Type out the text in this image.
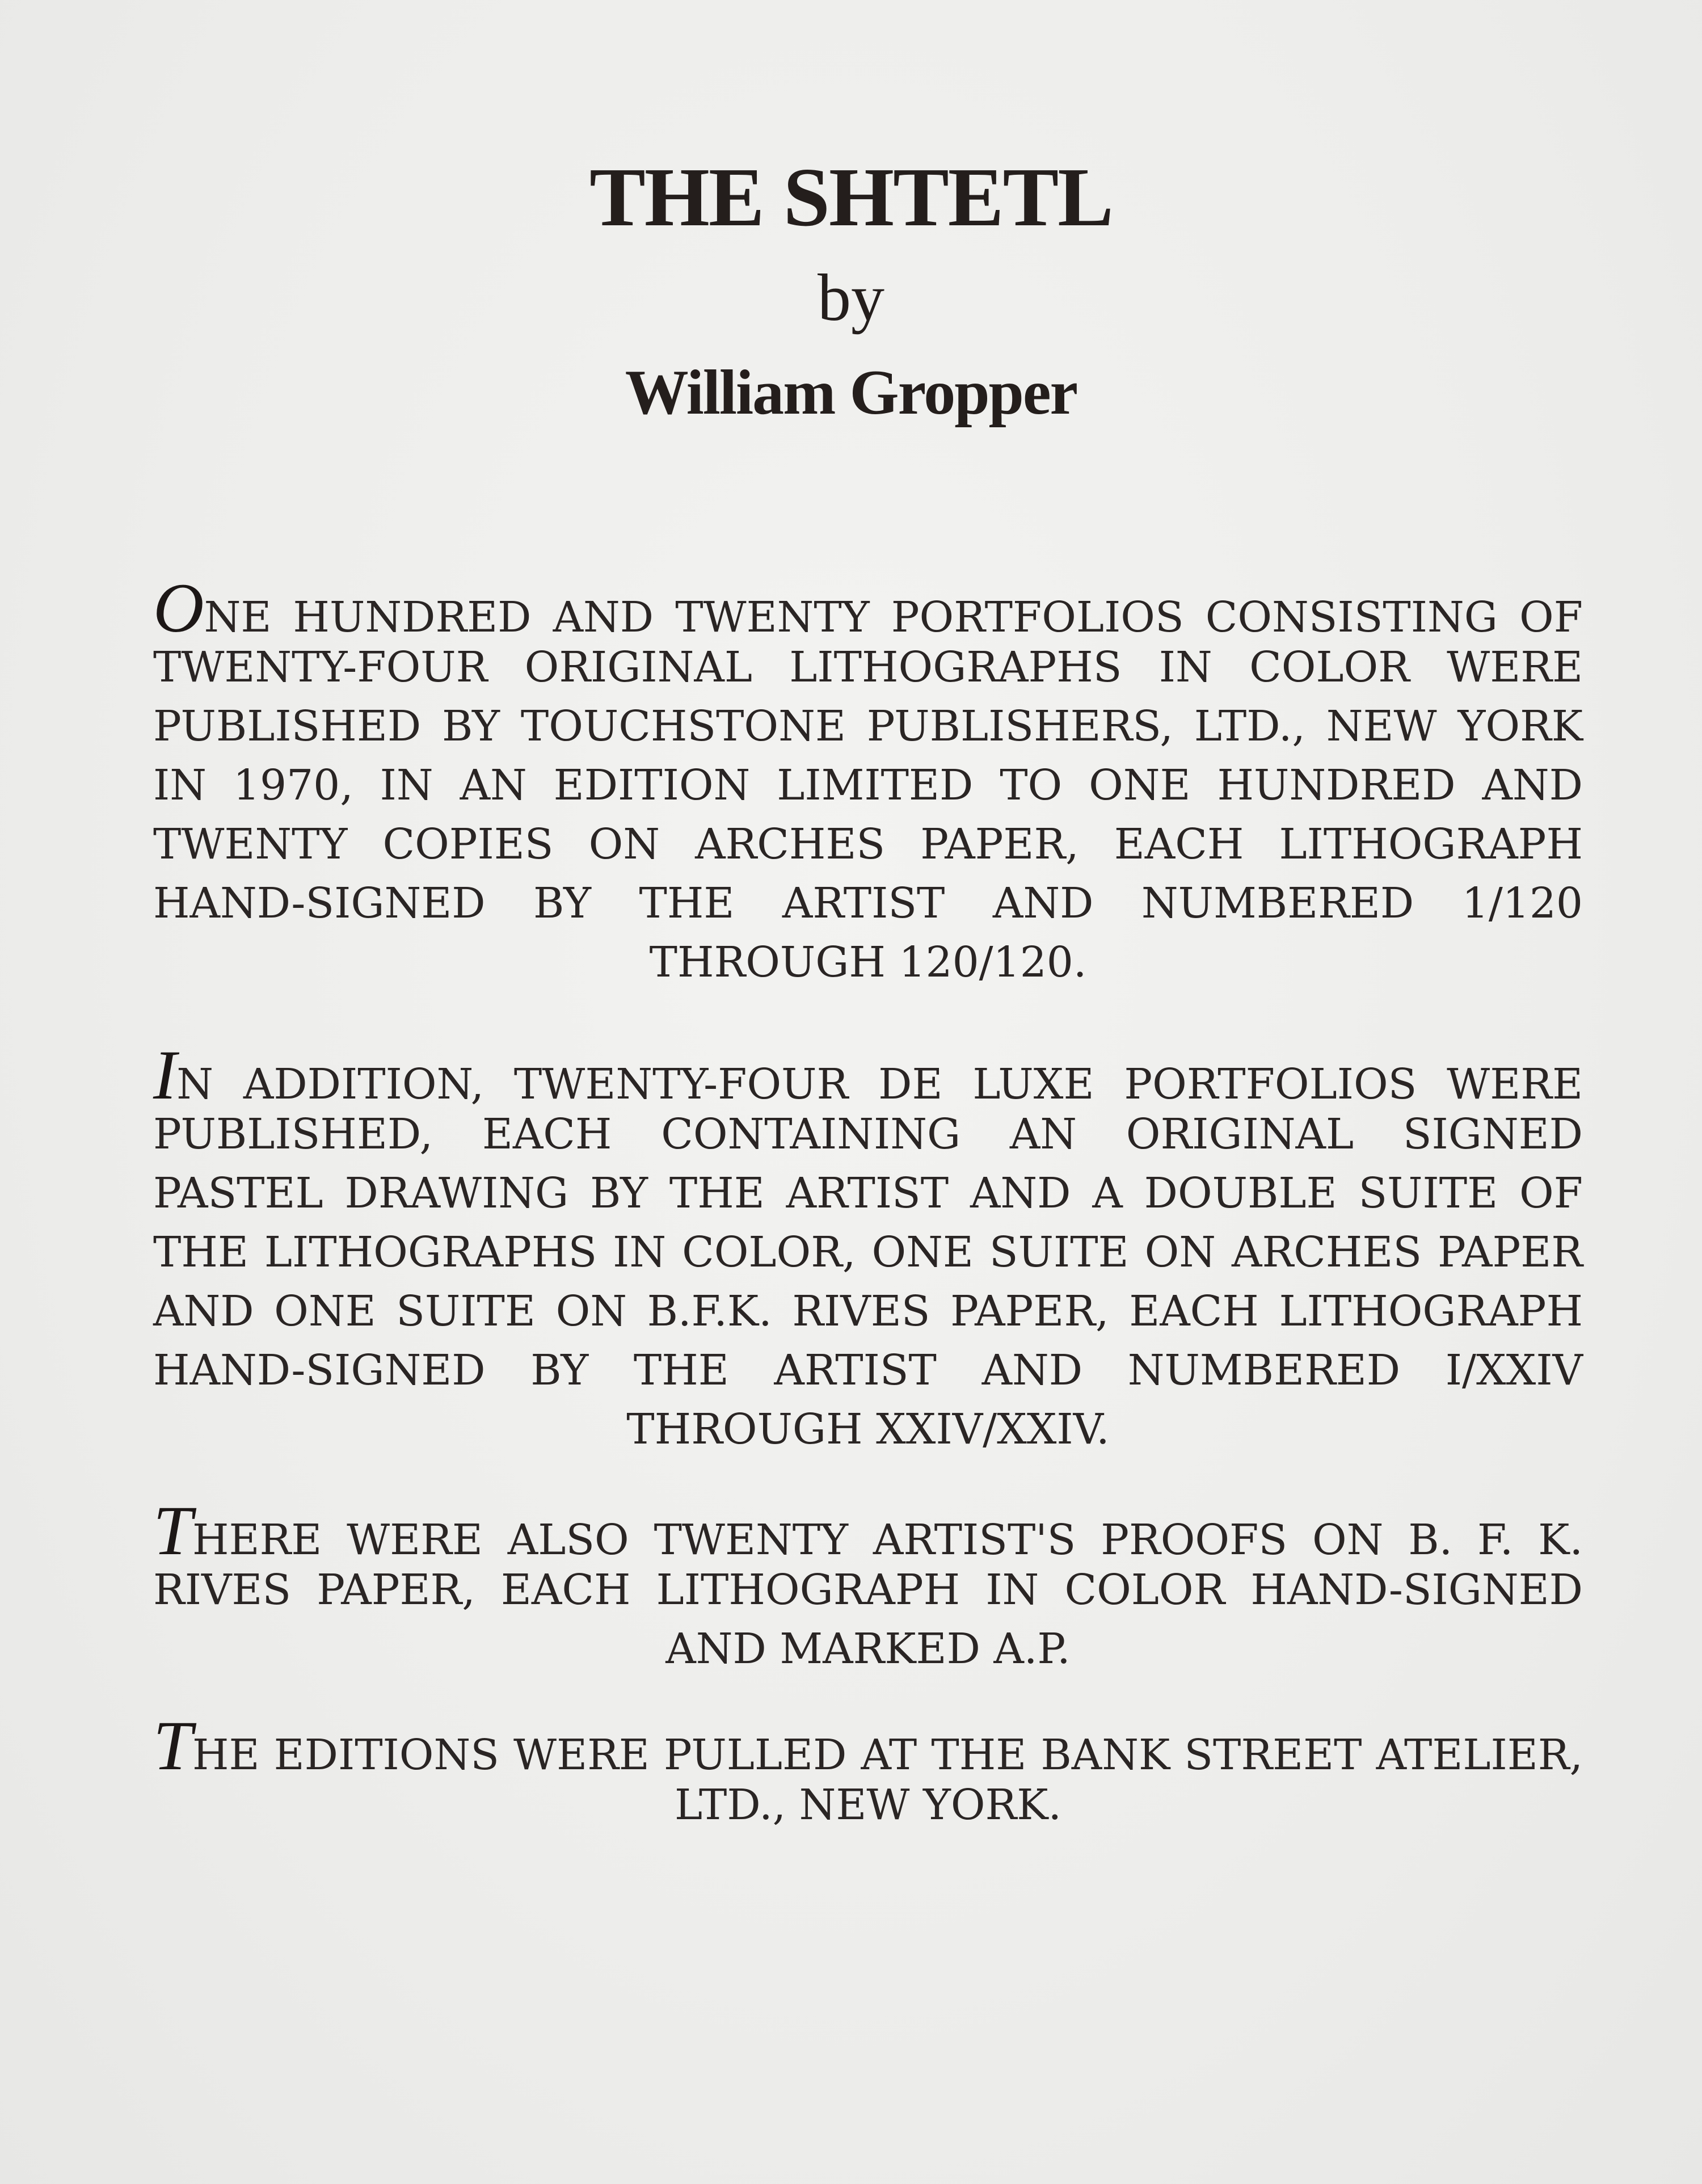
THE SHTETL
by
William Gropper
ONE HUNDRED AND TWENTY PORTFOLIOS CONSISTING OF
TWENTY-FOUR ORIGINAL LITHOGRAPHS IN COLOR WERE
PUBLISHED BY TOUCHSTONE PUBLISHERS, LTD., NEW YORK
IN 1970, IN AN EDITION LIMITED TO ONE HUNDRED AND
TWENTY COPIES ON ARCHES PAPER, EACH LITHOGRAPH
HAND-SIGNED BY THE ARTIST AND NUMBERED 1/120
THROUGH 120/120.
IN ADDITION, TWENTY-FOUR DE LUXE PORTFOLIOS WERE
PUBLISHED, EACH CONTAINING AN ORIGINAL SIGNED
PASTEL DRAWING BY THE ARTIST AND A DOUBLE SUITE OF
THE LITHOGRAPHS IN COLOR, ONE SUITE ON ARCHES PAPER
AND ONE SUITE ON B.F.K. RIVES PAPER, EACH LITHOGRAPH
HAND-SIGNED BY THE ARTIST AND NUMBERED I/XXIV
THROUGH XXIV/XXIV.
THERE WERE ALSO TWENTY ARTIST'S PROOFS ON B. F. K.
RIVES PAPER, EACH LITHOGRAPH IN COLOR HAND-SIGNED
AND MARKED A.P.
THE EDITIONS WERE PULLED AT THE BANK STREET ATELIER,
LTD., NEW YORK.
